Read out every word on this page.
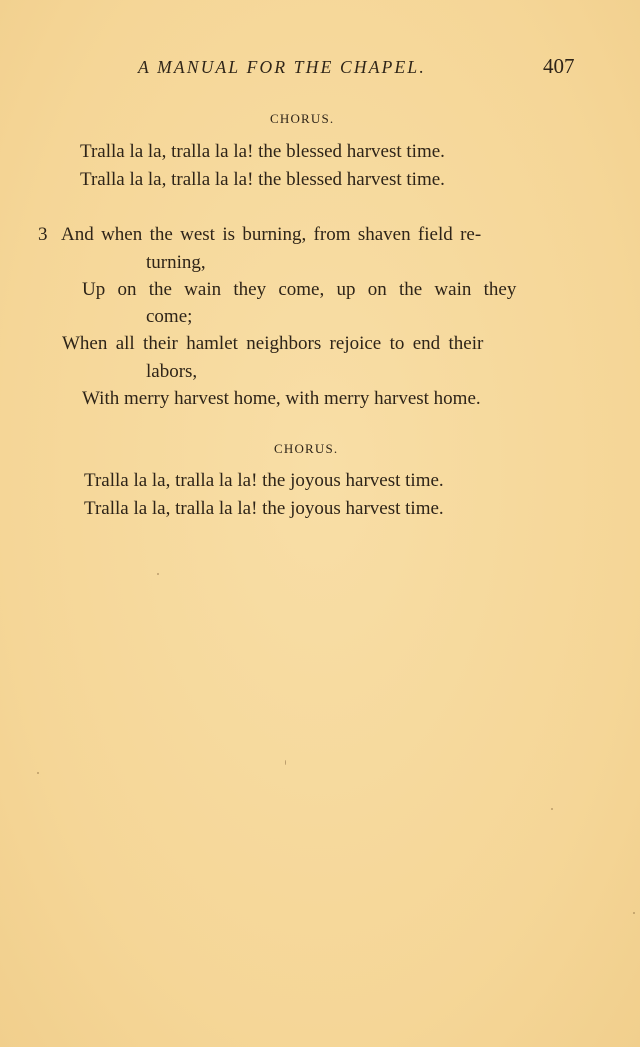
A MANUAL FOR THE CHAPEL.	407
CHORUS.
Tralla la la, tralla la la! the blessed harvest time.
Tralla la la, tralla la la! the blessed harvest time.
3 And when the west is burning, from shaven field re-
turning,
Up on the wain they come, up on the wain they
come;
When all their hamlet neighbors rejoice to end their
labors,
With merry harvest home, with merry harvest home.
CHORUS.
Tralla la la, tralla la la! the joyous harvest time.
Tralla la la, tralla la la! the joyous harvest time.
